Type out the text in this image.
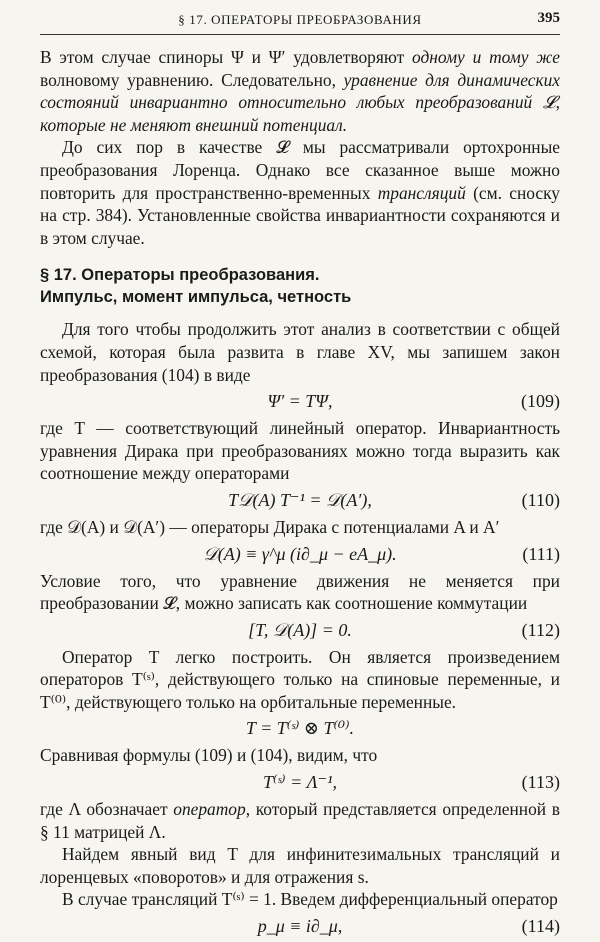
§ 17. ОПЕРАТОРЫ ПРЕОБРАЗОВАНИЯ	395

В этом случае спиноры Ψ и Ψ′ удовлетворяют одному и тому же волновому уравнению. Следовательно, уравнение для динамических состояний инвариантно относительно любых преобразований 𝓛, которые не меняют внешний потенциал.

До сих пор в качестве 𝓛 мы рассматривали ортохронные преобразования Лоренца. Однако все сказанное выше можно повторить для пространственно-временных трансляций (см. сноску на стр. 384). Установленные свойства инвариантности сохраняются и в этом случае.

§ 17. Операторы преобразования.
Импульс, момент импульса, четность

Для того чтобы продолжить этот анализ в соответствии с общей схемой, которая была развита в главе XV, мы запишем закон преобразования (104) в виде

Ψ′ = TΨ,	(109)

где T — соответствующий линейный оператор. Инвариантность уравнения Дирака при преобразованиях можно тогда выразить как соотношение между операторами

T𝒟(A) T⁻¹ = 𝒟(A′),	(110)

где 𝒟(A) и 𝒟(A′) — операторы Дирака с потенциалами A и A′

𝒟(A) ≡ γ^μ (i∂_μ − eA_μ).	(111)

Условие того, что уравнение движения не меняется при преобразовании 𝓛, можно записать как соотношение коммутации

[T, 𝒟(A)] = 0.	(112)

Оператор T легко построить. Он является произведением операторов T⁽ˢ⁾, действующего только на спиновые переменные, и T⁽⁰⁾, действующего только на орбитальные переменные.

T = T⁽ˢ⁾ ⊗ T⁽⁰⁾.

Сравнивая формулы (109) и (104), видим, что

T⁽ˢ⁾ = Λ⁻¹,	(113)

где Λ обозначает оператор, который представляется определенной в § 11 матрицей Λ.

Найдем явный вид T для инфинитезимальных трансляций и лоренцевых «поворотов» и для отражения s.

В случае трансляций T⁽ˢ⁾ = 1. Введем дифференциальный оператор

p_μ ≡ i∂_μ,	(114)
